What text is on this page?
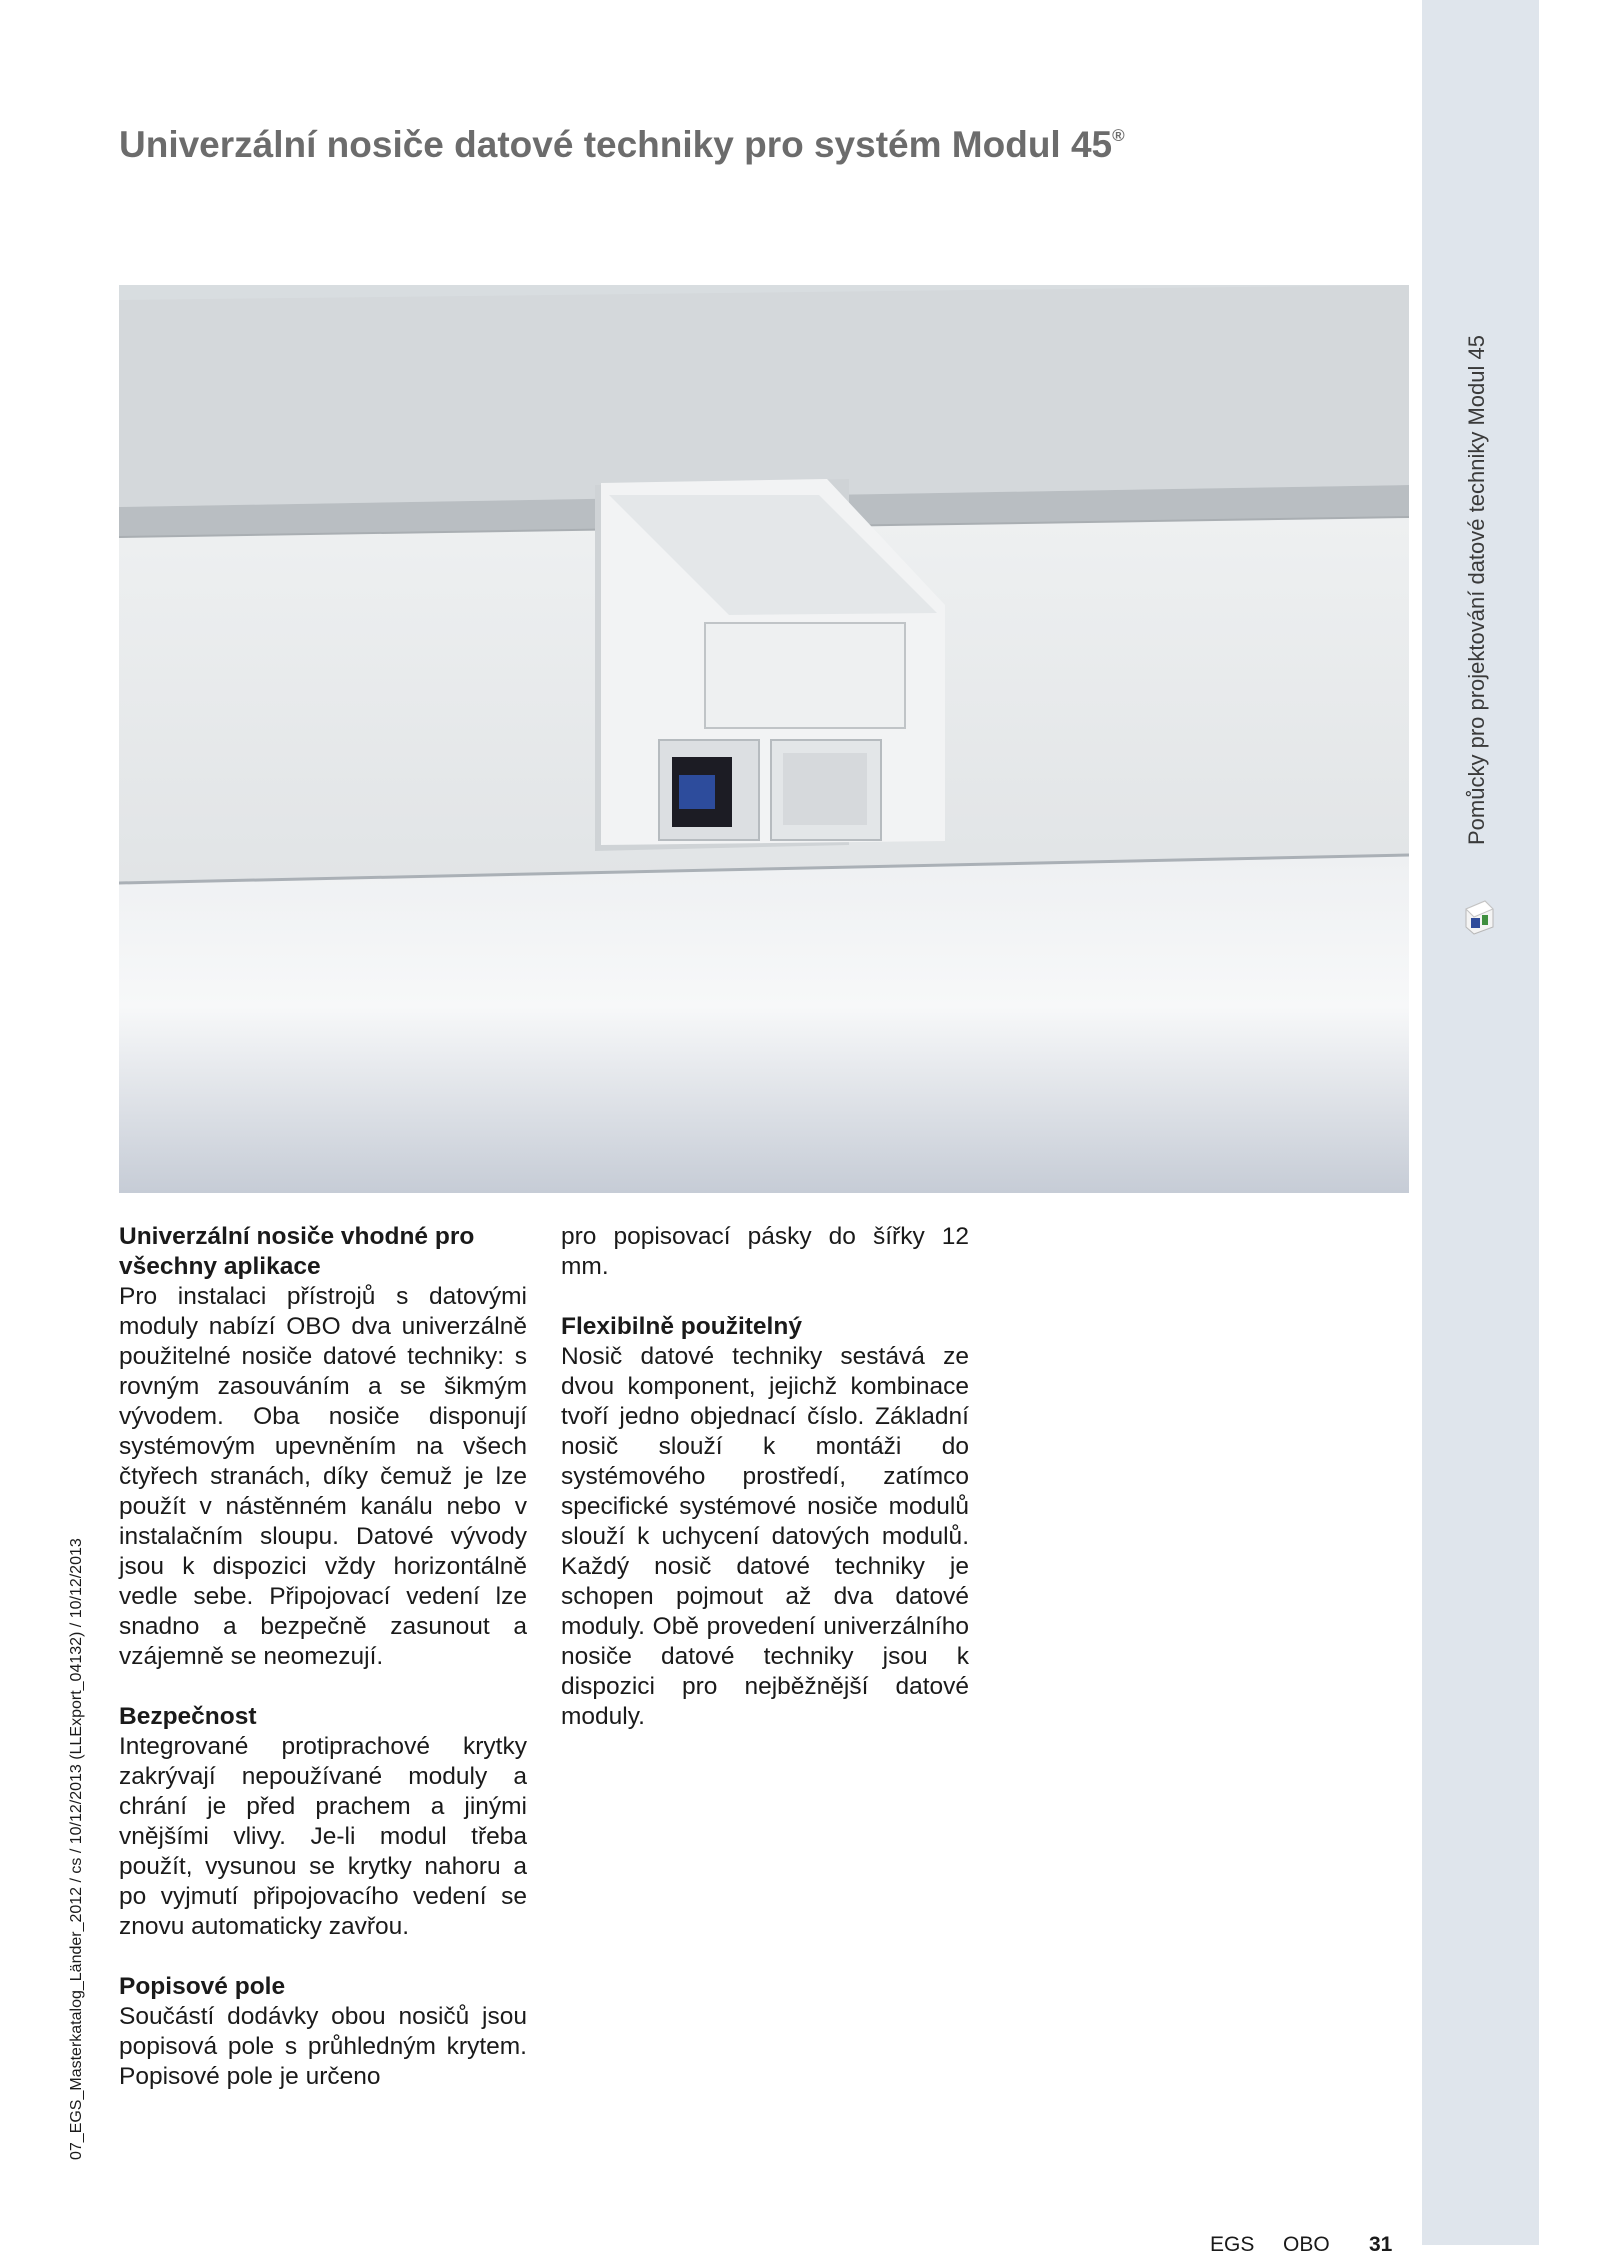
Pomůcky pro projektování datové techniky Modul 45
Univerzální nosiče datové techniky pro systém Modul 45®
Univerzální nosiče vhodné pro všechny aplikace

Pro instalaci přístrojů s datovými moduly nabízí OBO dva univerzálně použitelné nosiče datové techniky: s rovným zasouváním a se šikmým vývodem. Oba nosiče disponují systémovým upevněním na všech čtyřech stranách, díky čemuž je lze použít v nástěnném kanálu nebo v instalačním sloupu. Datové vývody jsou k dispozici vždy horizontálně vedle sebe. Připojovací vedení lze snadno a bezpečně zasunout a vzájemně se neomezují.

Bezpečnost

Integrované protiprachové krytky zakrývají nepoužívané moduly a chrání je před prachem a jinými vnějšími vlivy. Je-li modul třeba použít, vysunou se krytky nahoru a po vyjmutí připojovacího vedení se znovu automaticky zavřou.

Popisové pole

Součástí dodávky obou nosičů jsou popisová pole s průhledným krytem. Popisové pole je určeno

pro popisovací pásky do šířky 12 mm.

Flexibilně použitelný

Nosič datové techniky sestává ze dvou komponent, jejichž kombinace tvoří jedno objednací číslo. Základní nosič slouží k montáži do systémového prostředí, zatímco specifické systémové nosiče modulů slouží k uchycení datových modulů. Každý nosič datové techniky je schopen pojmout až dva datové moduly. Obě provedení univerzálního nosiče datové techniky jsou k dispozici pro nejběžnější datové moduly.

07_EGS_Masterkatalog_Länder_2012 / cs / 10/12/2013 (LLExport_04132) / 10/12/2013
EGS OBO 31
